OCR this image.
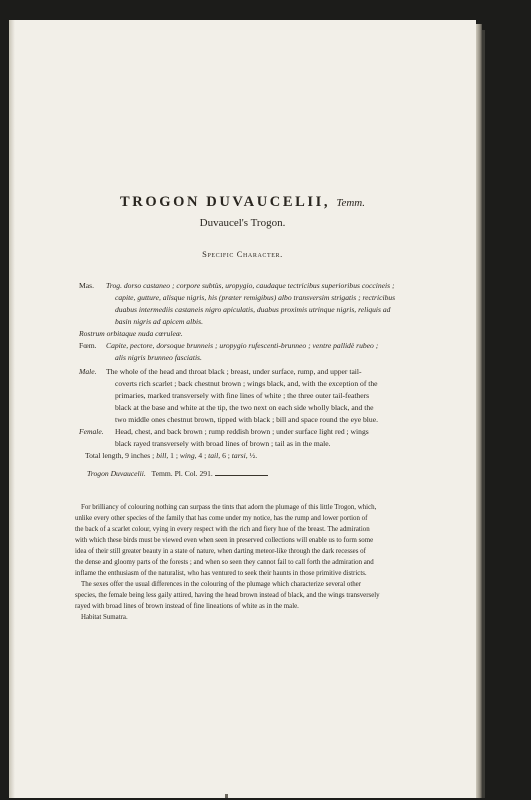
TROGON DUVAUCELII, Temm.
Duvaucel's Trogon.
Specific Character.
Mas. Trog. dorso castaneo ; corpore subtùs, uropygio, caudaque tectricibus superioribus coccineis ;
capite, gutture, alisque nigris, his (præter remigibus) albo transversim strigatis ; rectricibus
duabus intermediis castaneis nigro apiculatis, duabus proximis utrinque nigris, reliquis ad
basin nigris ad apicem albis.
Rostrum orbitaque nuda cœruleæ.
Fœm. Capite, pectore, dorsoque brunneis ; uropygio rufescenti-brunneo ; ventre pallidè rubeo ;
alis nigris brunneo fasciatis.
Male. The whole of the head and throat black ; breast, under surface, rump, and upper tail-
coverts rich scarlet ; back chestnut brown ; wings black, and, with the exception of the
primaries, marked transversely with fine lines of white ; the three outer tail-feathers
black at the base and white at the tip, the two next on each side wholly black, and the
two middle ones chestnut brown, tipped with black ; bill and space round the eye blue.
Female. Head, chest, and back brown ; rump reddish brown ; under surface light red ; wings
black rayed transversely with broad lines of brown ; tail as in the male.
Total length, 9 inches ; bill, 1 ; wing, 4 ; tail, 6 ; tarsi, ½.
Trogon Duvaucelii. Temm. Pl. Col. 291.
For brilliancy of colouring nothing can surpass the tints that adorn the plumage of this little Trogon, which,
unlike every other species of the family that has come under my notice, has the rump and lower portion of
the back of a scarlet colour, vying in every respect with the rich and fiery hue of the breast. The admiration
with which these birds must be viewed even when seen in preserved collections will enable us to form some
idea of their still greater beauty in a state of nature, when darting meteor-like through the dark recesses of
the dense and gloomy parts of the forests ; and when so seen they cannot fail to call forth the admiration and
inflame the enthusiasm of the naturalist, who has ventured to seek their haunts in those primitive districts.
The sexes offer the usual differences in the colouring of the plumage which characterize several other
species, the female being less gaily attired, having the head brown instead of black, and the wings transversely
rayed with broad lines of brown instead of fine lineations of white as in the male.
Habitat Sumatra.
